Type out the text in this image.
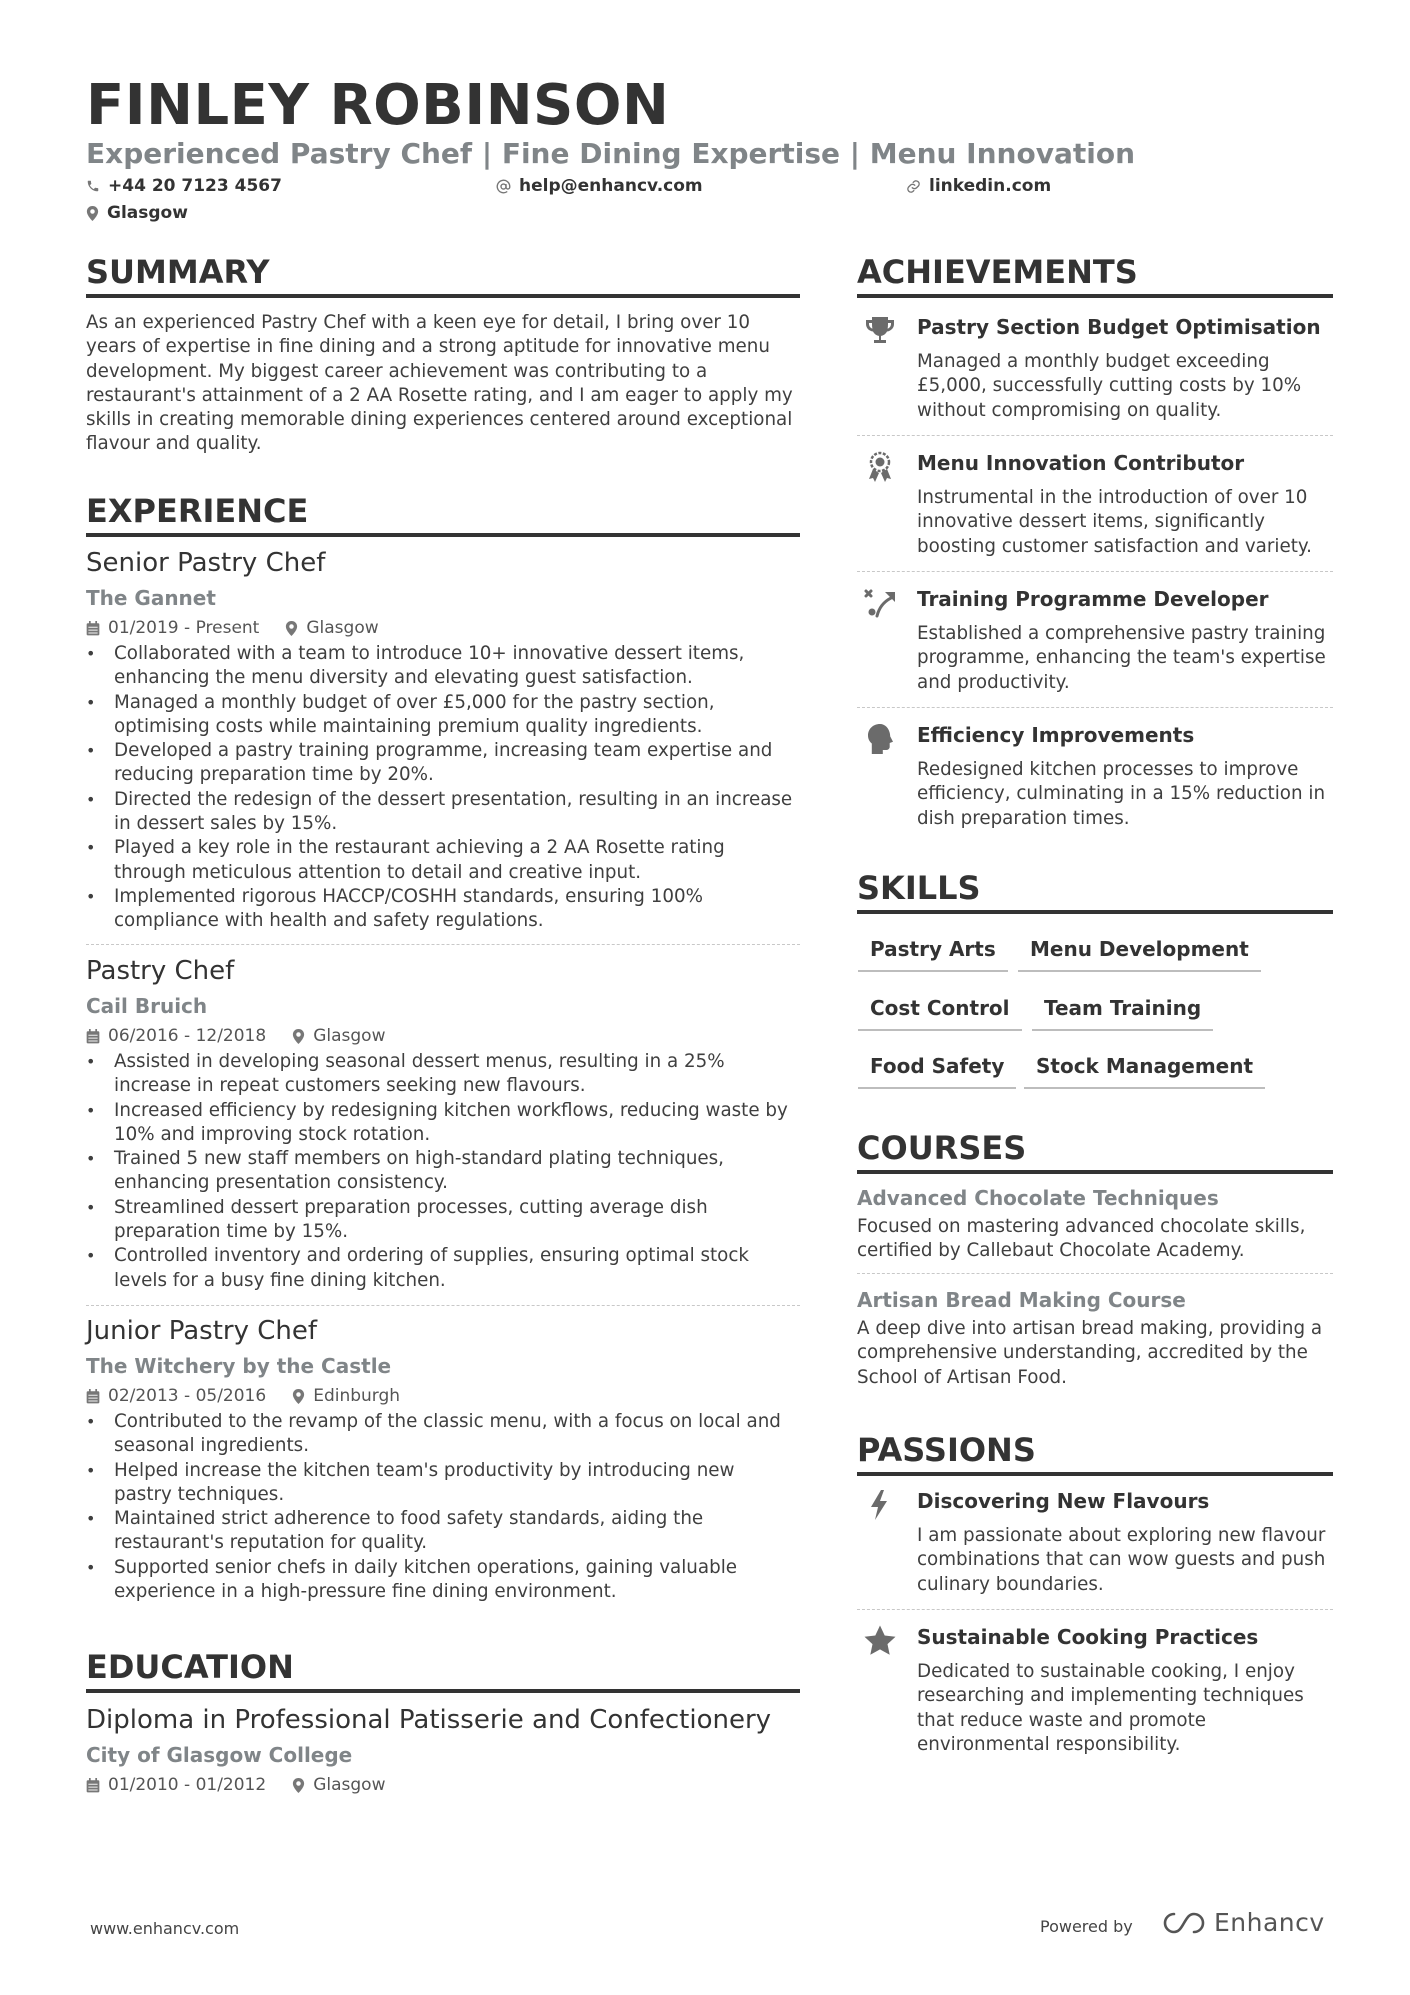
FINLEY ROBINSON
Experienced Pastry Chef | Fine Dining Expertise | Menu Innovation
+44 20 7123 4567	help@enhancv.com	linkedin.com
Glasgow
SUMMARY
As an experienced Pastry Chef with a keen eye for detail, I bring over 10
years of expertise in fine dining and a strong aptitude for innovative menu
development. My biggest career achievement was contributing to a
restaurant's attainment of a 2 AA Rosette rating, and I am eager to apply my
skills in creating memorable dining experiences centered around exceptional
flavour and quality.
EXPERIENCE
Senior Pastry Chef
The Gannet
01/2019 - Present	Glasgow
• Collaborated with a team to introduce 10+ innovative dessert items,
enhancing the menu diversity and elevating guest satisfaction.
• Managed a monthly budget of over £5,000 for the pastry section,
optimising costs while maintaining premium quality ingredients.
• Developed a pastry training programme, increasing team expertise and
reducing preparation time by 20%.
• Directed the redesign of the dessert presentation, resulting in an increase
in dessert sales by 15%.
• Played a key role in the restaurant achieving a 2 AA Rosette rating
through meticulous attention to detail and creative input.
• Implemented rigorous HACCP/COSHH standards, ensuring 100%
compliance with health and safety regulations.
Pastry Chef
Cail Bruich
06/2016 - 12/2018	Glasgow
• Assisted in developing seasonal dessert menus, resulting in a 25%
increase in repeat customers seeking new flavours.
• Increased efficiency by redesigning kitchen workflows, reducing waste by
10% and improving stock rotation.
• Trained 5 new staff members on high-standard plating techniques,
enhancing presentation consistency.
• Streamlined dessert preparation processes, cutting average dish
preparation time by 15%.
• Controlled inventory and ordering of supplies, ensuring optimal stock
levels for a busy fine dining kitchen.
Junior Pastry Chef
The Witchery by the Castle
02/2013 - 05/2016	Edinburgh
• Contributed to the revamp of the classic menu, with a focus on local and
seasonal ingredients.
• Helped increase the kitchen team's productivity by introducing new
pastry techniques.
• Maintained strict adherence to food safety standards, aiding the
restaurant's reputation for quality.
• Supported senior chefs in daily kitchen operations, gaining valuable
experience in a high-pressure fine dining environment.
EDUCATION
Diploma in Professional Patisserie and Confectionery
City of Glasgow College
01/2010 - 01/2012	Glasgow
ACHIEVEMENTS
Pastry Section Budget Optimisation
Managed a monthly budget exceeding
£5,000, successfully cutting costs by 10%
without compromising on quality.
Menu Innovation Contributor
Instrumental in the introduction of over 10
innovative dessert items, significantly
boosting customer satisfaction and variety.
Training Programme Developer
Established a comprehensive pastry training
programme, enhancing the team's expertise
and productivity.
Efficiency Improvements
Redesigned kitchen processes to improve
efficiency, culminating in a 15% reduction in
dish preparation times.
SKILLS
Pastry Arts	Menu Development
Cost Control	Team Training
Food Safety	Stock Management
COURSES
Advanced Chocolate Techniques
Focused on mastering advanced chocolate skills,
certified by Callebaut Chocolate Academy.
Artisan Bread Making Course
A deep dive into artisan bread making, providing a
comprehensive understanding, accredited by the
School of Artisan Food.
PASSIONS
Discovering New Flavours
I am passionate about exploring new flavour
combinations that can wow guests and push
culinary boundaries.
Sustainable Cooking Practices
Dedicated to sustainable cooking, I enjoy
researching and implementing techniques
that reduce waste and promote
environmental responsibility.
www.enhancv.com	Powered by	Enhancv
